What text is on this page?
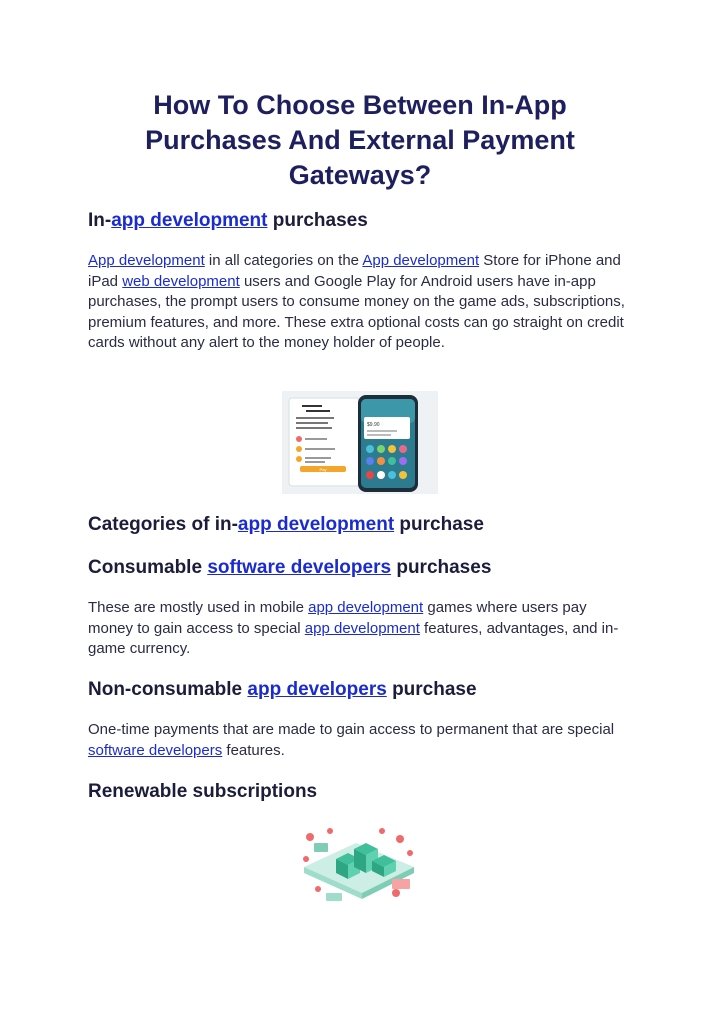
How To Choose Between In-App Purchases And External Payment Gateways?
In-app development purchases

App development in all categories on the App development Store for iPhone and iPad web development users and Google Play for Android users have in-app purchases, the prompt users to consume money on the game ads, subscriptions, premium features, and more. These extra optional costs can go straight on credit cards without any alert to the money holder of people.

Pay
$9.90
Categories of in-app development purchase
Consumable software developers purchases

These are mostly used in mobile app development games where users pay money to gain access to special app development features, advantages, and in-game currency.

Non-consumable app developers purchase

One-time payments that are made to gain access to permanent that are special software developers features.

Renewable subscriptions
